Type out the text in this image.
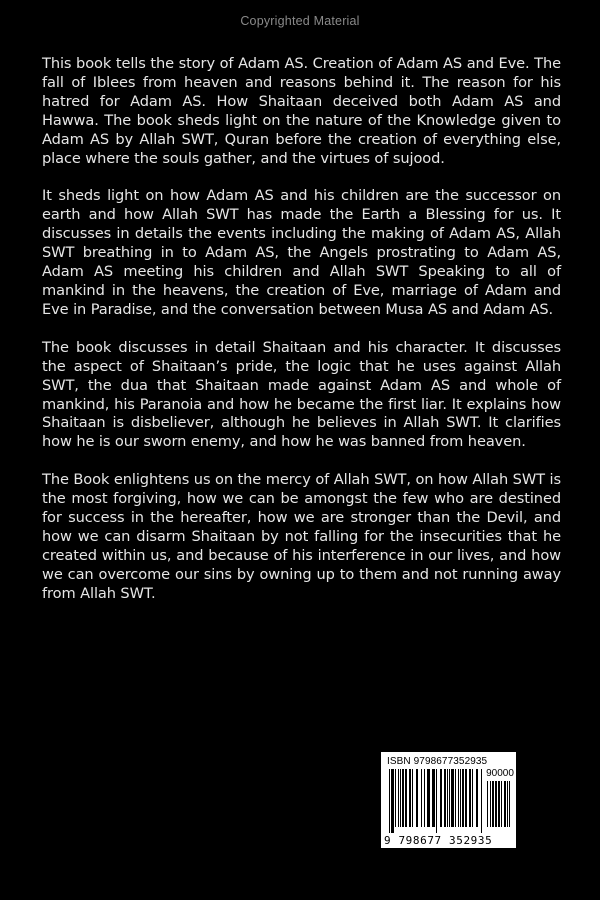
Copyrighted Material

This book tells the story of Adam AS. Creation of Adam AS and Eve. The fall of Iblees from heaven and reasons behind it. The reason for his hatred for Adam AS. How Shaitaan deceived both Adam AS and Hawwa. The book sheds light on the nature of the Knowledge given to Adam AS by Allah SWT, Quran before the creation of everything else, place where the souls gather, and the virtues of sujood.

It sheds light on how Adam AS and his children are the successor on earth and how Allah SWT has made the Earth a Blessing for us. It discusses in details the events including the making of Adam AS, Allah SWT breathing in to Adam AS, the Angels prostrating to Adam AS, Adam AS meeting his children and Allah SWT Speaking to all of mankind in the heavens, the creation of Eve, marriage of Adam and Eve in Paradise, and the conversation between Musa AS and Adam AS.

The book discusses in detail Shaitaan and his character. It discusses the aspect of Shaitaan’s pride, the logic that he uses against Allah SWT, the dua that Shaitaan made against Adam AS and whole of mankind, his Paranoia and how he became the first liar. It explains how Shaitaan is disbeliever, although he believes in Allah SWT. It clarifies how he is our sworn enemy, and how he was banned from heaven.

The Book enlightens us on the mercy of Allah SWT, on how Allah SWT is the most forgiving, how we can be amongst the few who are destined for success in the hereafter, how we are stronger than the Devil, and how we can disarm Shaitaan by not falling for the insecurities that he created within us, and because of his interference in our lives, and how we can overcome our sins by owning up to them and not running away from Allah SWT.

ISBN 9798677352935
90000
9 798677 352935
